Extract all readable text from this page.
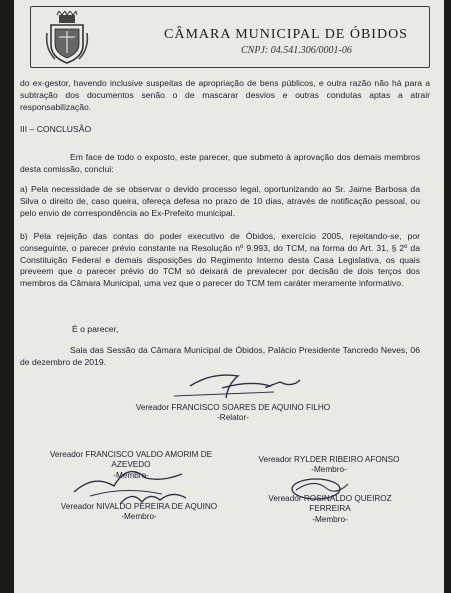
CÂMARA MUNICIPAL DE ÓBIDOS
CNPJ: 04.541.306/0001-06

do ex-gestor, havendo inclusive suspeitas de apropriação de bens públicos, e outra razão não há para a subtração dos documentos senão o de mascarar desvios e outras condutas aptas a atrair responsabilização.

III – CONCLUSÃO

Em face de todo o exposto, este parecer, que submeto à aprovação dos demais membros desta comissão, conclui:

a) Pela necessidade de se observar o devido processo legal, oportunizando ao Sr. Jaime Barbosa da Silva o direito de, caso queira, ofereça defesa no prazo de 10 dias, através de notificação pessoal, ou pelo envio de correspondência ao Ex-Prefeito municipal.

b) Pela rejeição das contas do poder executivo de Óbidos, exercício 2005, rejeitando-se, por conseguinte, o parecer prévio constante na Resolução nº 9.993, do TCM, na forma do Art. 31, § 2º da Constituição Federal e demais disposições do Regimento Interno desta Casa Legislativa, os quais preveem que o parecer prévio do TCM só deixará de prevalecer por decisão de dois terços dos membros da Câmara Municipal, uma vez que o parecer do TCM tem caráter meramente informativo.

É o parecer,

Sala das Sessão da Câmara Municipal de Óbidos, Palácio Presidente Tancredo Neves, 06 de dezembro de 2019.

Vereador FRANCISCO SOARES DE AQUINO FILHO
-Relator-
Vereador FRANCISCO VALDO AMORIM DE AZEVEDO
-Membro-
Vereador RYLDER RIBEIRO AFONSO
-Membro-
Vereador NIVALDO PEREIRA DE AQUINO
-Membro-
Vereador ROSINALDO QUEIROZ FERREIRA
-Membro-
